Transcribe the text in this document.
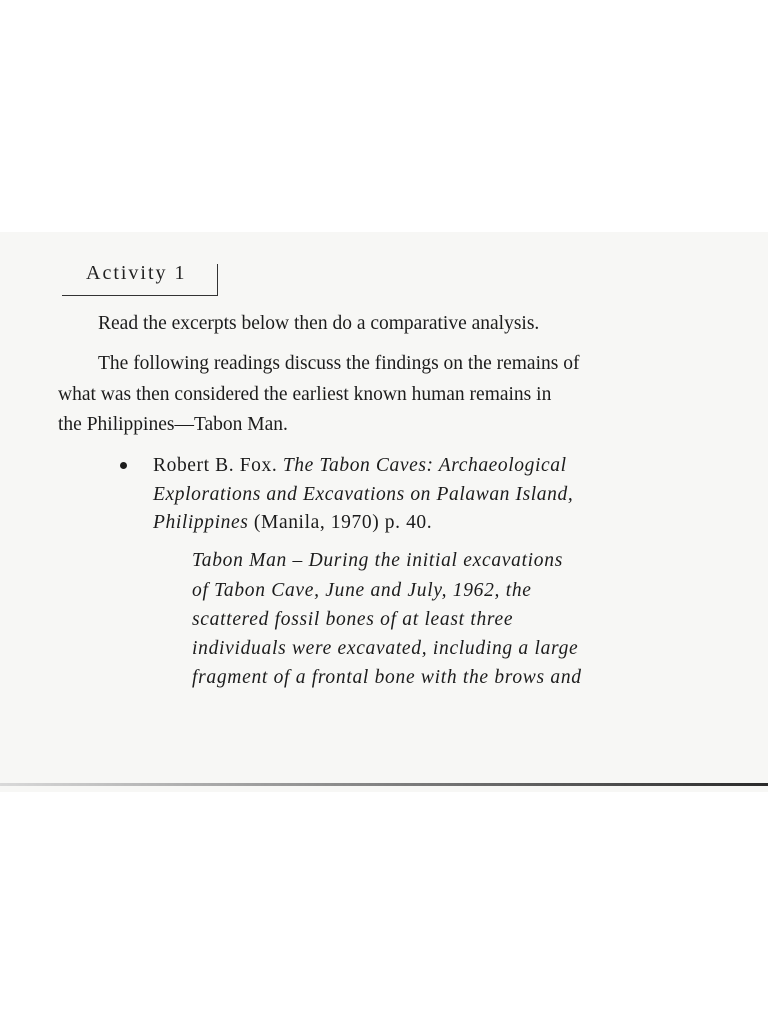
Activity 1
Read the excerpts below then do a comparative analysis.
The following readings discuss the findings on the remains of
what was then considered the earliest known human remains in
the Philippines—Tabon Man.
Robert B. Fox. The Tabon Caves: Archaeological
Explorations and Excavations on Palawan Island,
Philippines (Manila, 1970) p. 40.
Tabon Man – During the initial excavations
of Tabon Cave, June and July, 1962, the
scattered fossil bones of at least three
individuals were excavated, including a large
fragment of a frontal bone with the brows and
